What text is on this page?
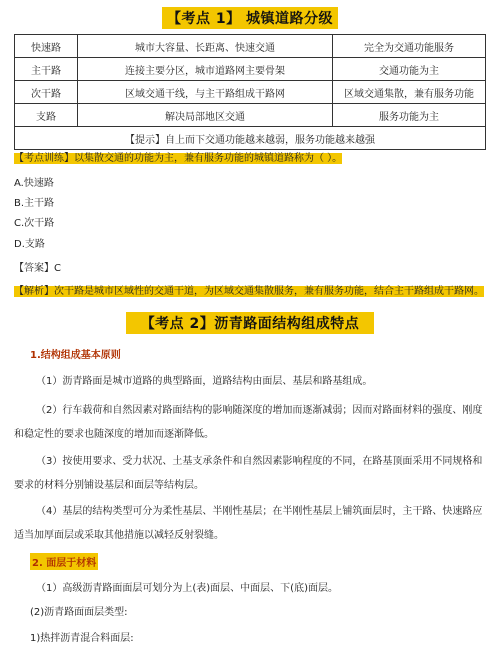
【考点 1】 城镇道路分级
快速路	城市大容量、长距离、快速交通	完全为交通功能服务
主干路	连接主要分区，城市道路网主要骨架	交通功能为主
次干路	区域交通干线，与主干路组成干路网	区域交通集散，兼有服务功能
支路	解决局部地区交通	服务功能为主
【提示】自上而下交通功能越来越弱，服务功能越来越强		
【考点训练】以集散交通的功能为主，兼有服务功能的城镇道路称为（ ）。
A.快速路
B.主干路
C.次干路
D.支路
【答案】C
【解析】次干路是城市区域性的交通干道，为区域交通集散服务，兼有服务功能，结合主干路组成干路网。
【考点 2】沥青路面结构组成特点
1.结构组成基本原则
（1）沥青路面是城市道路的典型路面，道路结构由面层、基层和路基组成。
（2）行车载荷和自然因素对路面结构的影响随深度的增加而逐渐减弱；因而对路面材料的强度、刚度和稳定性的要求也随深度的增加而逐渐降低。
（3）按使用要求、受力状况、土基支承条件和自然因素影响程度的不同，在路基顶面采用不同规格和要求的材料分别铺设基层和面层等结构层。
（4）基层的结构类型可分为柔性基层、半刚性基层；在半刚性基层上铺筑面层时，主干路、快速路应适当加厚面层或采取其他措施以减轻反射裂缝。
2. 面层于材料
（1）高级沥青路面面层可划分为上(表)面层、中面层、下(底)面层。
(2)沥青路面面层类型:
1)热拌沥青混合料面层:
